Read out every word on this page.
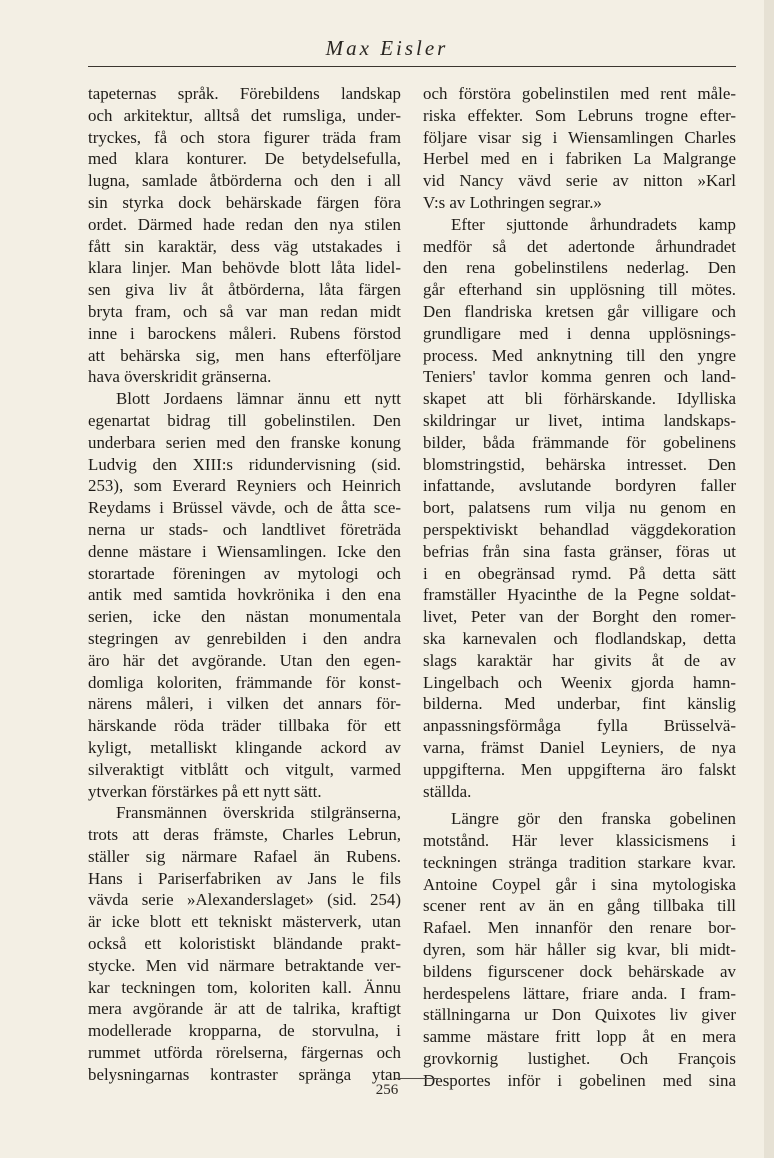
Max Eisler
tapeternas språk. Förebildens landskap
och arkitektur, alltså det rumsliga, under-
tryckes, få och stora figurer träda fram
med klara konturer. De betydelsefulla,
lugna, samlade åtbörderna och den i all
sin styrka dock behärskade färgen föra
ordet. Därmed hade redan den nya stilen
fått sin karaktär, dess väg utstakades i
klara linjer. Man behövde blott låta lidel-
sen giva liv åt åtbörderna, låta färgen
bryta fram, och så var man redan midt
inne i barockens måleri. Rubens förstod
att behärska sig, men hans efterföljare
hava överskridit gränserna.
Blott Jordaens lämnar ännu ett nytt
egenartat bidrag till gobelinstilen. Den
underbara serien med den franske konung
Ludvig den XIII:s ridundervisning (sid.
253), som Everard Reyniers och Heinrich
Reydams i Brüssel vävde, och de åtta sce-
nerna ur stads- och landtlivet företräda
denne mästare i Wiensamlingen. Icke den
storartade föreningen av mytologi och
antik med samtida hovkrönika i den ena
serien, icke den nästan monumentala
stegringen av genrebilden i den andra
äro här det avgörande. Utan den egen-
domliga koloriten, främmande för konst-
närens måleri, i vilken det annars för-
härskande röda träder tillbaka för ett
kyligt, metalliskt klingande ackord av
silveraktigt vitblått och vitgult, varmed
ytverkan förstärkes på ett nytt sätt.
Fransmännen överskrida stilgränserna,
trots att deras främste, Charles Lebrun,
ställer sig närmare Rafael än Rubens.
Hans i Pariserfabriken av Jans le fils
vävda serie »Alexanderslaget» (sid. 254)
är icke blott ett tekniskt mästerverk, utan
också ett koloristiskt bländande prakt-
stycke. Men vid närmare betraktande ver-
kar teckningen tom, koloriten kall. Ännu
mera avgörande är att de talrika, kraftigt
modellerade kropparna, de storvulna, i
rummet utförda rörelserna, färgernas och
belysningarnas kontraster spränga ytan
och förstöra gobelinstilen med rent måle-
riska effekter. Som Lebruns trogne efter-
följare visar sig i Wiensamlingen Charles
Herbel med en i fabriken La Malgrange
vid Nancy vävd serie av nitton »Karl
V:s av Lothringen segrar.»
Efter sjuttonde århundradets kamp
medför så det adertonde århundradet
den rena gobelinstilens nederlag. Den
går efterhand sin upplösning till mötes.
Den flandriska kretsen går villigare och
grundligare med i denna upplösnings-
process. Med anknytning till den yngre
Teniers' tavlor komma genren och land-
skapet att bli förhärskande. Idylliska
skildringar ur livet, intima landskaps-
bilder, båda främmande för gobelinens
blomstringstid, behärska intresset. Den
infattande, avslutande bordyren faller
bort, palatsens rum vilja nu genom en
perspektiviskt behandlad väggdekoration
befrias från sina fasta gränser, föras ut
i en obegränsad rymd. På detta sätt
framställer Hyacinthe de la Pegne soldat-
livet, Peter van der Borght den romer-
ska karnevalen och flodlandskap, detta
slags karaktär har givits åt de av
Lingelbach och Weenix gjorda hamn-
bilderna. Med underbar, fint känslig
anpassningsförmåga fylla Brüsselvä-
varna, främst Daniel Leyniers, de nya
uppgifterna. Men uppgifterna äro falskt
ställda.
Längre gör den franska gobelinen
motstånd. Här lever klassicismens i
teckningen stränga tradition starkare kvar.
Antoine Coypel går i sina mytologiska
scener rent av än en gång tillbaka till
Rafael. Men innanför den renare bor-
dyren, som här håller sig kvar, bli midt-
bildens figurscener dock behärskade av
herdespelens lättare, friare anda. I fram-
ställningarna ur Don Quixotes liv giver
samme mästare fritt lopp åt en mera
grovkornig lustighet. Och François
Desportes inför i gobelinen med sina
256
